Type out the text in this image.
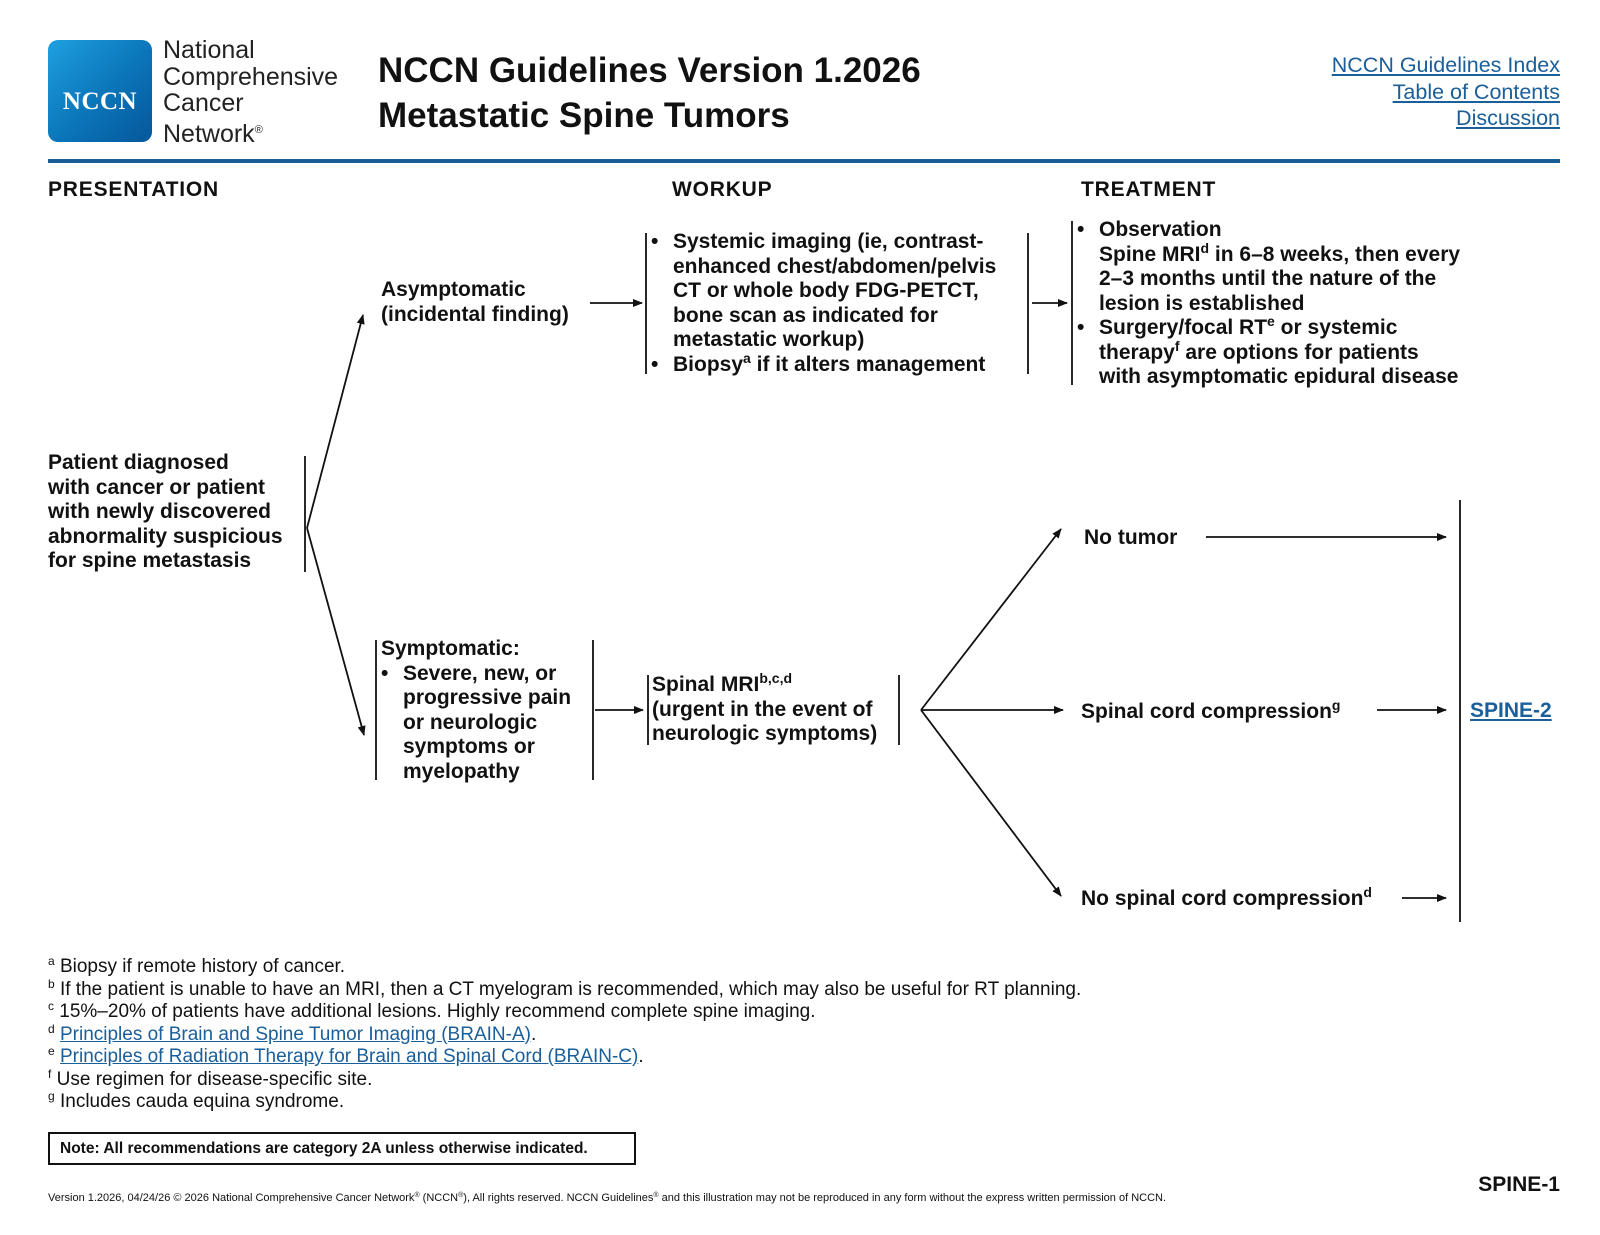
NCCN
National
Comprehensive
Cancer
Network®
NCCN Guidelines Version 1.2026
Metastatic Spine Tumors
NCCN Guidelines Index
Table of Contents
Discussion
PRESENTATION	WORKUP	TREATMENT
Patient diagnosed
with cancer or patient
with newly discovered
abnormality suspicious
for spine metastasis
Asymptomatic
(incidental finding)
• Systemic imaging (ie, contrast-
enhanced chest/abdomen/pelvis
CT or whole body FDG-PETCT,
bone scan as indicated for
metastatic workup)
• Biopsy$^a$ if it alters management
• Observation
Spine MRI$^d$ in 6–8 weeks, then every
2–3 months until the nature of the
lesion is established
• Surgery/focal $RT^e$ or systemic
therapy$^f$ are options for patients
with asymptomatic epidural disease
Symptomatic:
• Severe, new, or
progressive pain
or neurologic
symptoms or
myelopathy
Spinal MRI$^{b,c,d}$
(urgent in the event of
neurologic symptoms)
No tumor
Spinal cord compression$^g$
No spinal cord compression$^d$
SPINE-2
$^a$ Biopsy if remote history of cancer.
$^b$ If the patient is unable to have an MRI, then a CT myelogram is recommended, which may also be useful for RT planning.
$^c$ 15%–20% of patients have additional lesions. Highly recommend complete spine imaging.
$^d$ Principles of Brain and Spine Tumor Imaging (BRAIN-A).
$^e$ Principles of Radiation Therapy for Brain and Spinal Cord (BRAIN-C).
$^f$ Use regimen for disease-specific site.
$^g$ Includes cauda equina syndrome.
Note: All recommendations are category 2A unless otherwise indicated.
SPINE-1
Version 1.2026, 04/24/26 © 2026 National Comprehensive Cancer Network® (NCCN®), All rights reserved. NCCN Guidelines® and this illustration may not be reproduced in any form without the express written permission of NCCN.
